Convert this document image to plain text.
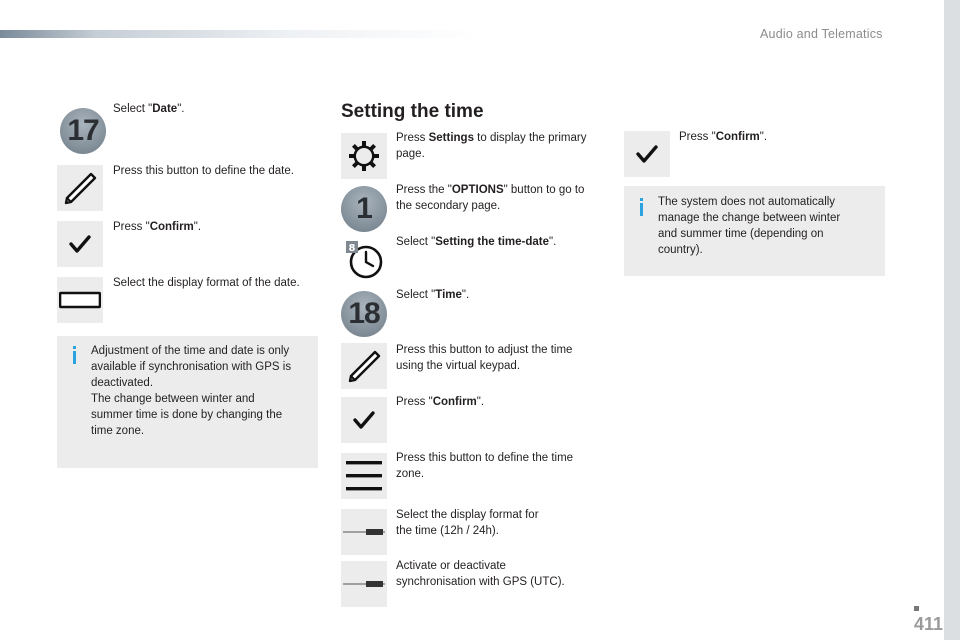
Audio and Telematics
411
17
Select "Date".
Press this button to define the date.
Press "Confirm".
Select the display format of the date.
Adjustment of the time and date is only
available if synchronisation with GPS is
deactivated.
The change between winter and
summer time is done by changing the
time zone.
Setting the time
Press Settings to display the primary
page.
1
Press the "OPTIONS" button to go to
the secondary page.
8
Select "Setting the time-date".
18
Select "Time".
Press this button to adjust the time
using the virtual keypad.
Press "Confirm".
Press this button to define the time
zone.
Select the display format for
the time (12h / 24h).
Activate or deactivate
synchronisation with GPS (UTC).
Press "Confirm".
The system does not automatically
manage the change between winter
and summer time (depending on
country).
